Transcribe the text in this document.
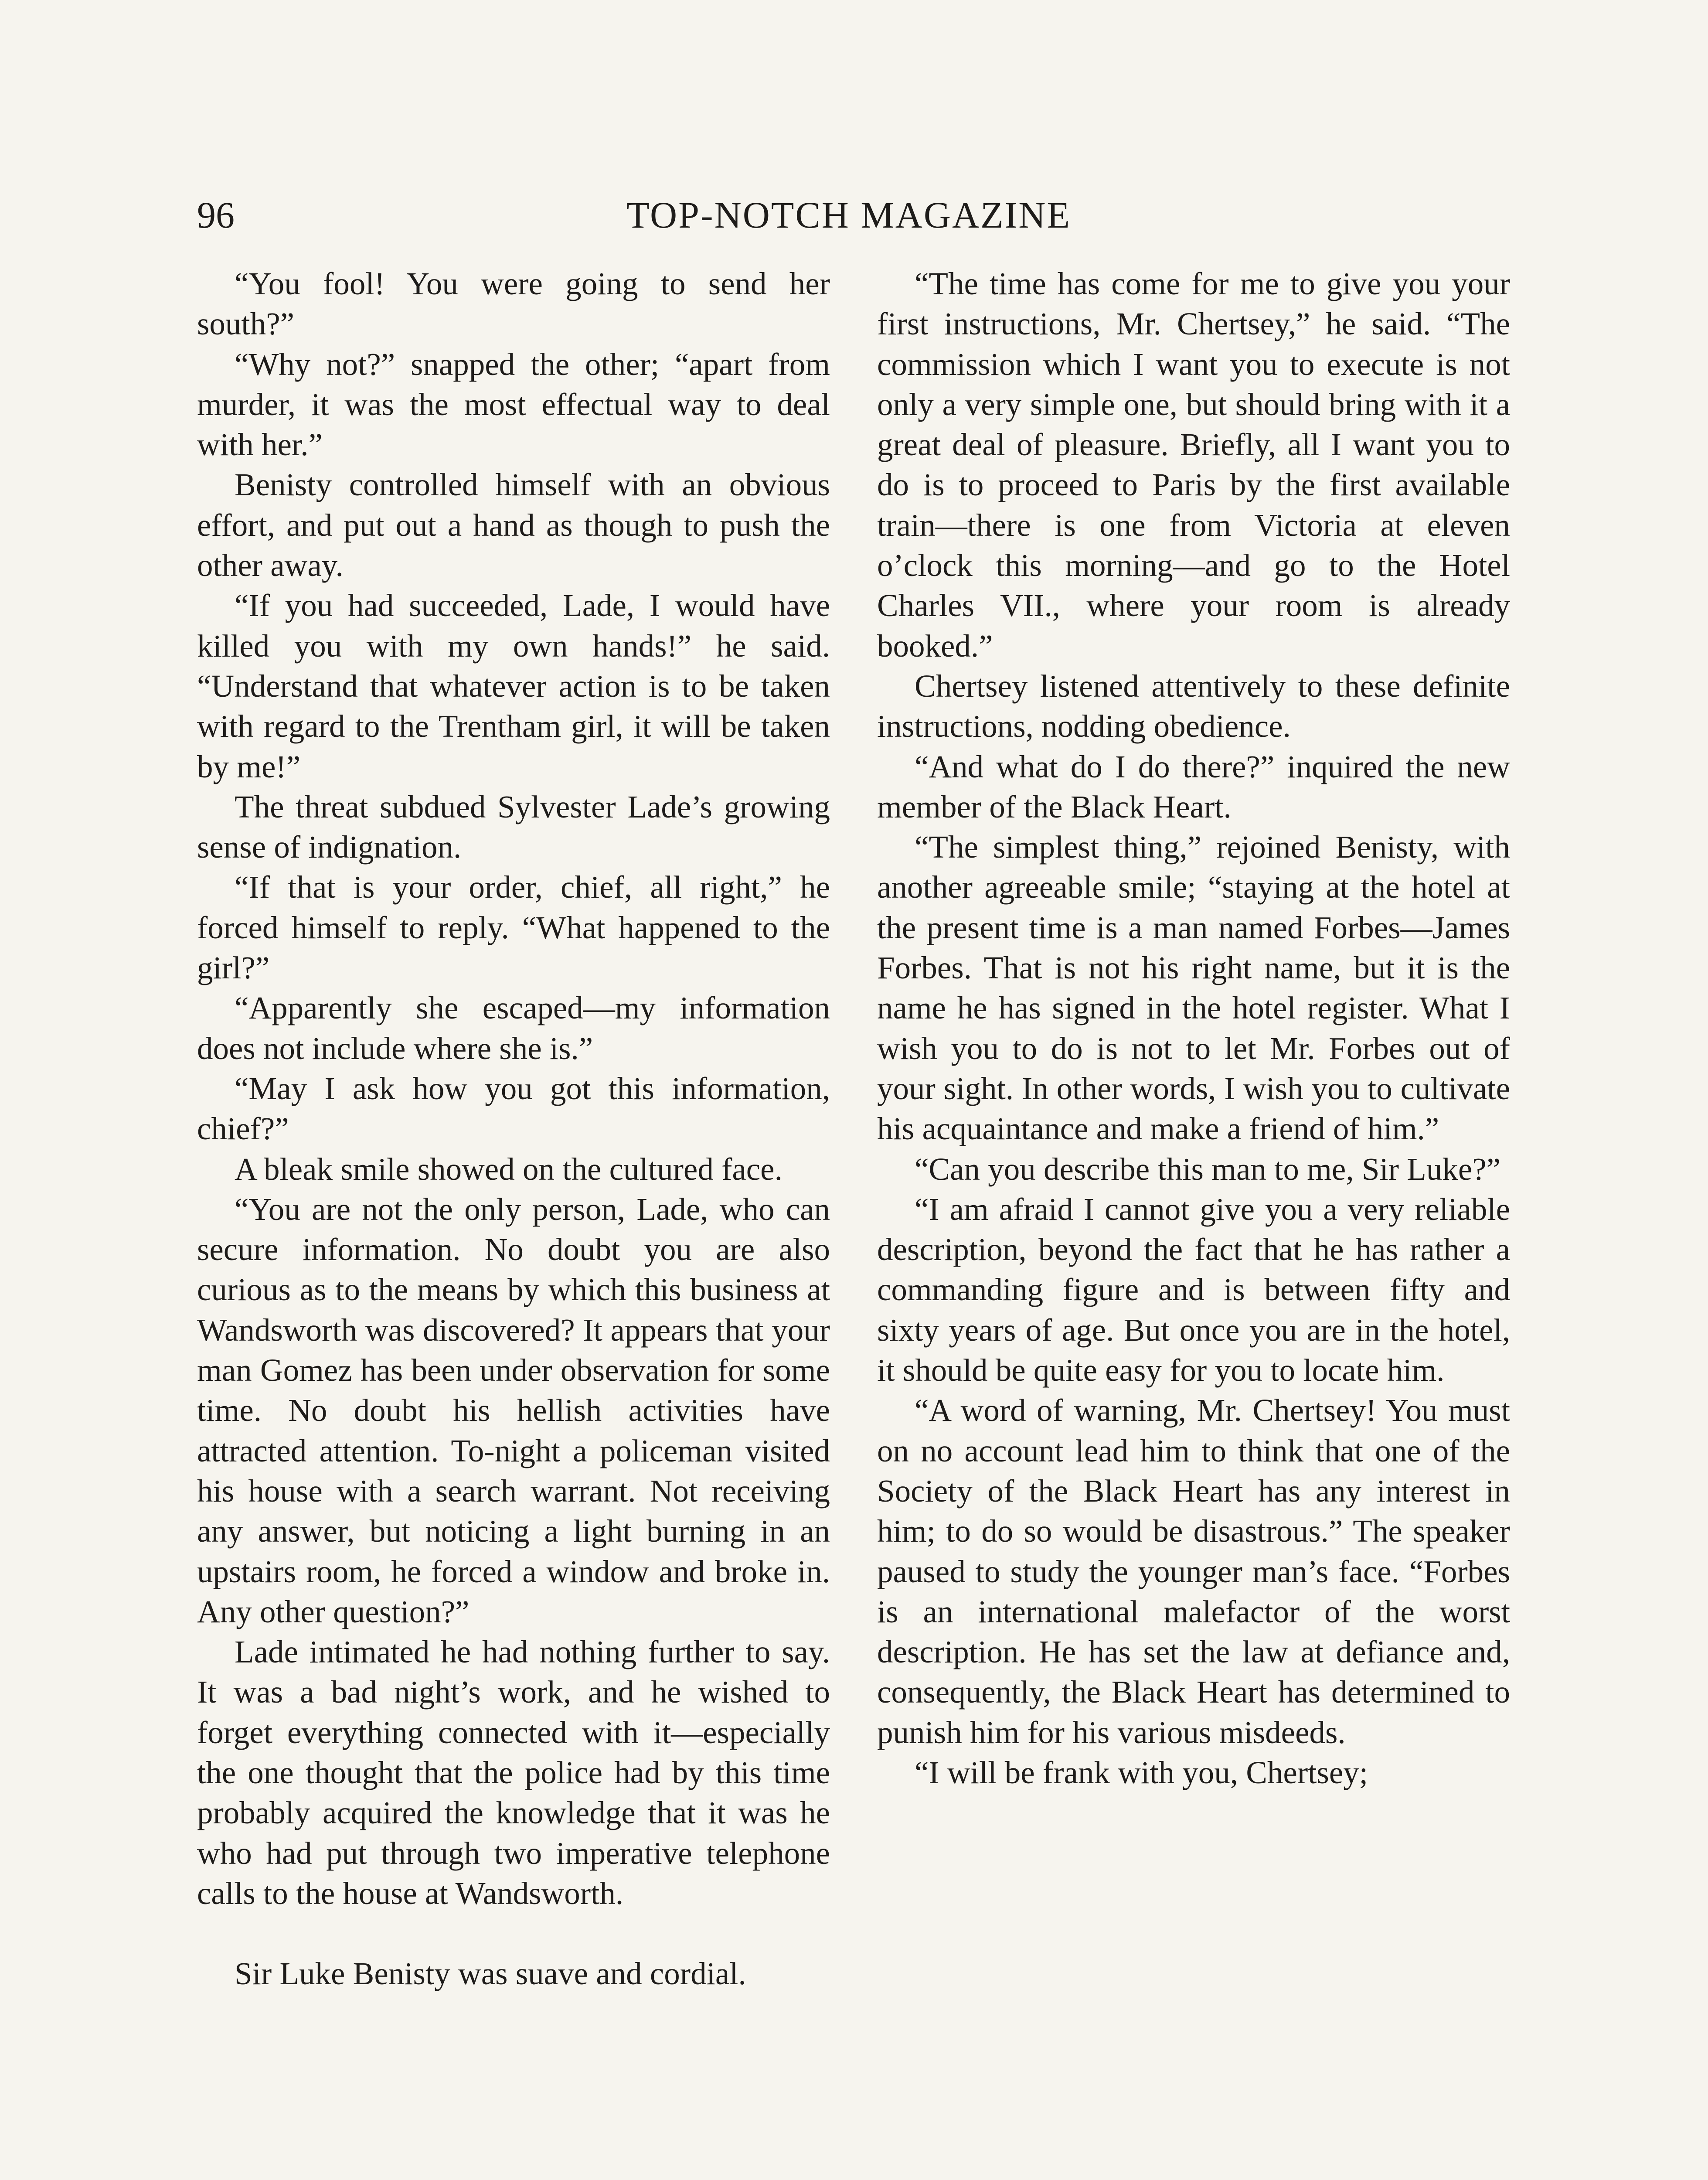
96	TOP-NOTCH MAGAZINE

“You fool! You were going to send her south?”

“Why not?” snapped the other; “apart from murder, it was the most effectual way to deal with her.”

Benisty controlled himself with an obvious effort, and put out a hand as though to push the other away.

“If you had succeeded, Lade, I would have killed you with my own hands!” he said. “Understand that whatever action is to be taken with regard to the Trentham girl, it will be taken by me!”

The threat subdued Sylvester Lade’s growing sense of indignation.

“If that is your order, chief, all right,” he forced himself to reply. “What happened to the girl?”

“Apparently she escaped—my information does not include where she is.”

“May I ask how you got this information, chief?”

A bleak smile showed on the cultured face.

“You are not the only person, Lade, who can secure information. No doubt you are also curious as to the means by which this business at Wandsworth was discovered? It appears that your man Gomez has been under observation for some time. No doubt his hellish activities have attracted attention. To-night a policeman visited his house with a search warrant. Not receiving any answer, but noticing a light burning in an upstairs room, he forced a window and broke in. Any other question?”

Lade intimated he had nothing further to say. It was a bad night’s work, and he wished to forget everything connected with it—especially the one thought that the police had by this time probably acquired the knowledge that it was he who had put through two imperative telephone calls to the house at Wandsworth.

Sir Luke Benisty was suave and cordial.

“The time has come for me to give you your first instructions, Mr. Chertsey,” he said. “The commission which I want you to execute is not only a very simple one, but should bring with it a great deal of pleasure. Briefly, all I want you to do is to proceed to Paris by the first available train—there is one from Victoria at eleven o’clock this morning—and go to the Hotel Charles VII., where your room is already booked.”

Chertsey listened attentively to these definite instructions, nodding obedience.

“And what do I do there?” inquired the new member of the Black Heart.

“The simplest thing,” rejoined Benisty, with another agreeable smile; “staying at the hotel at the present time is a man named Forbes—James Forbes. That is not his right name, but it is the name he has signed in the hotel register. What I wish you to do is not to let Mr. Forbes out of your sight. In other words, I wish you to cultivate his acquaintance and make a friend of him.”

“Can you describe this man to me, Sir Luke?”

“I am afraid I cannot give you a very reliable description, beyond the fact that he has rather a commanding figure and is between fifty and sixty years of age. But once you are in the hotel, it should be quite easy for you to locate him.

“A word of warning, Mr. Chertsey! You must on no account lead him to think that one of the Society of the Black Heart has any interest in him; to do so would be disastrous.” The speaker paused to study the younger man’s face. “Forbes is an international malefactor of the worst description. He has set the law at defiance and, consequently, the Black Heart has determined to punish him for his various misdeeds.

“I will be frank with you, Chertsey;
